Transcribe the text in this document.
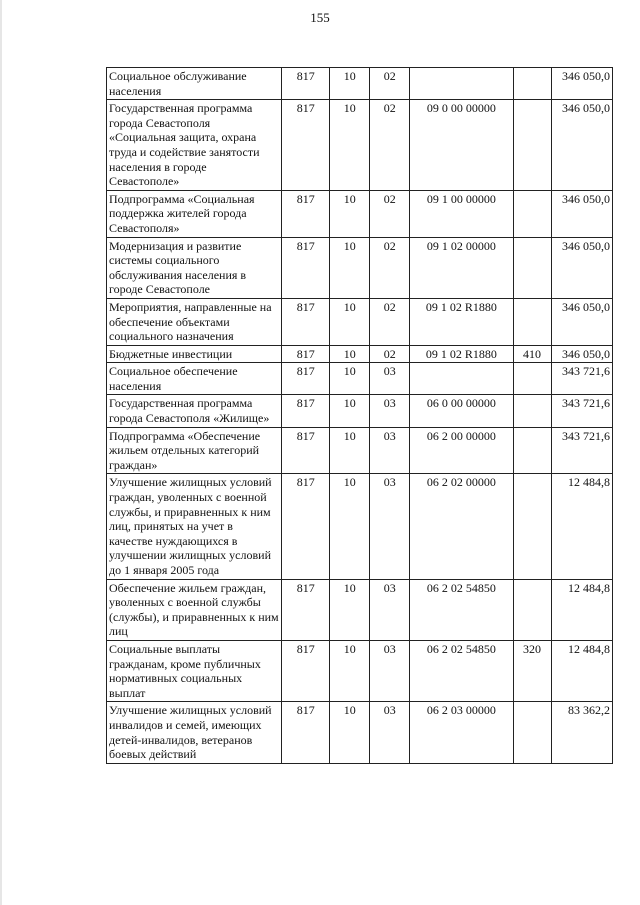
155
Социальное обслуживание населения	817	10	02			346 050,0
Государственная программа города Севастополя «Социальная защита, охрана труда и содействие занятости населения в городе Севастополе»	817	10	02	09 0 00 00000		346 050,0
Подпрограмма «Социальная поддержка жителей города Севастополя»	817	10	02	09 1 00 00000		346 050,0
Модернизация и развитие системы социального обслуживания населения в городе Севастополе	817	10	02	09 1 02 00000		346 050,0
Мероприятия, направленные на обеспечение объектами социального назначения	817	10	02	09 1 02 R1880		346 050,0
Бюджетные инвестиции	817	10	02	09 1 02 R1880	410	346 050,0
Социальное обеспечение населения	817	10	03			343 721,6
Государственная программа города Севастополя «Жилище»	817	10	03	06 0 00 00000		343 721,6
Подпрограмма «Обеспечение жильем отдельных категорий граждан»	817	10	03	06 2 00 00000		343 721,6
Улучшение жилищных условий граждан, уволенных с военной службы, и приравненных к ним лиц, принятых на учет в качестве нуждающихся в улучшении жилищных условий до 1 января 2005 года	817	10	03	06 2 02 00000		12 484,8
Обеспечение жильем граждан, уволенных с военной службы (службы), и приравненных к ним лиц	817	10	03	06 2 02 54850		12 484,8
Социальные выплаты гражданам, кроме публичных нормативных социальных выплат	817	10	03	06 2 02 54850	320	12 484,8
Улучшение жилищных условий инвалидов и семей, имеющих детей-инвалидов, ветеранов боевых действий	817	10	03	06 2 03 00000		83 362,2
